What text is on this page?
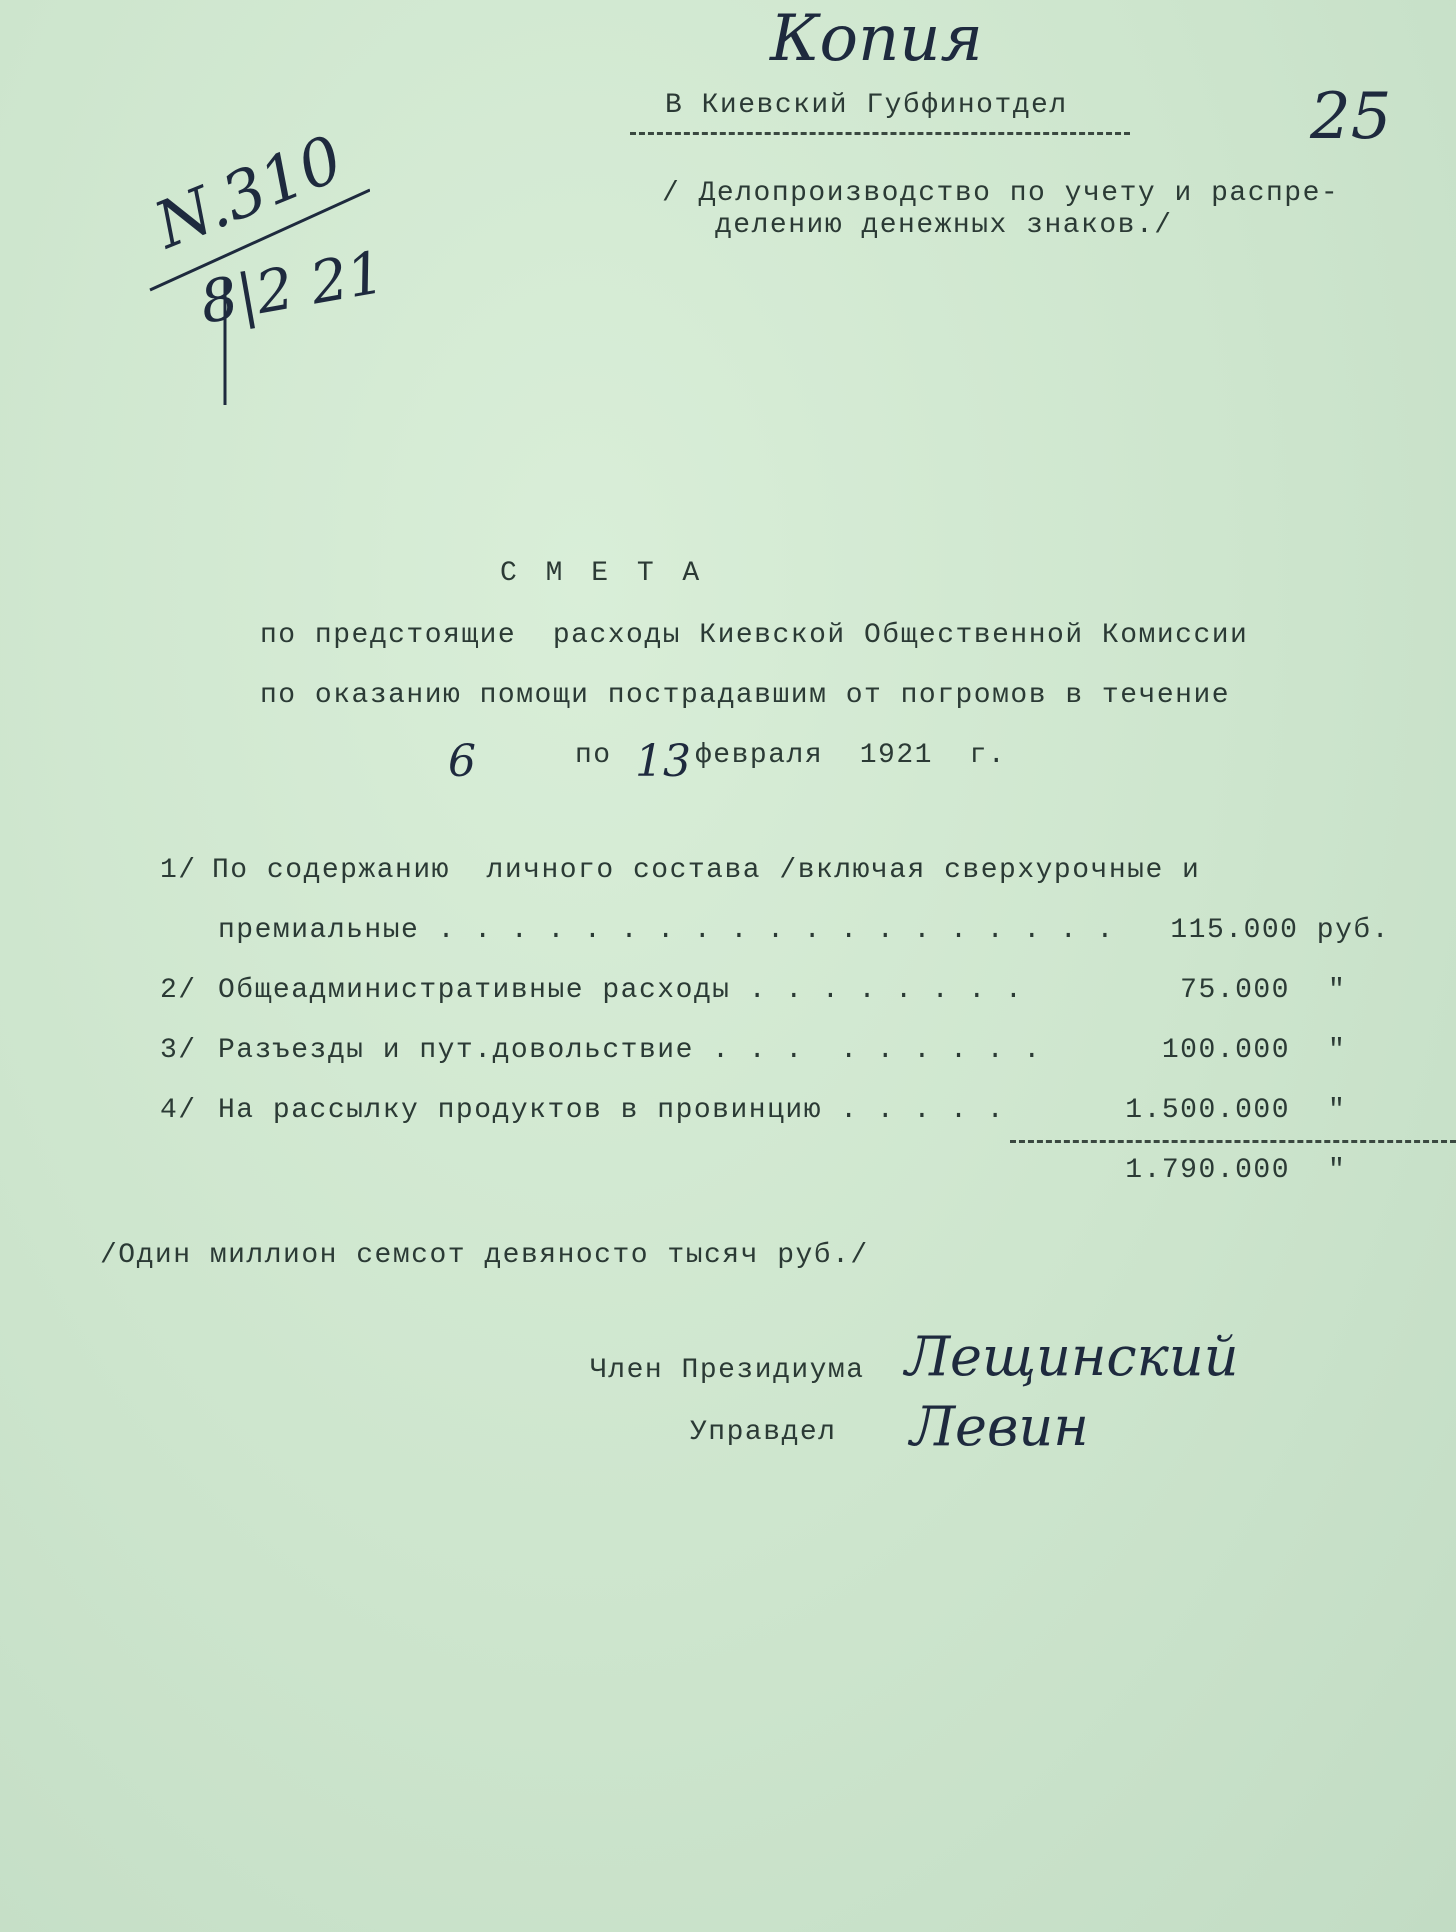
Копия
25
N.310
8|2 21
В Киевский Губфинотдел
/ Делопроизводство по учету и распре-
делению денежных знаков./
С М Е Т А
по предстоящие  расходы Киевской Общественной Комиссии
по оказанию помощи пострадавшим от погромов в течение
6	по 13 февраля  1921  г.
1/ По содержанию  личного состава /включая сверхурочные и
премиальные . . . . . . . . . . . . . . . . . . .	115.000 руб.
2/ Общеадминистративные расходы . . . . . . . .	75.000 "
3/ Разъезды и пут.довольствие . . .  . . . . . .	100.000 "
4/ На рассылку продуктов в провинцию . . . . .	1.500.000 "
1.790.000 "
/Один миллион семсот девяносто тысяч руб./
Член Президиума Лещинский
Управдел Левин
